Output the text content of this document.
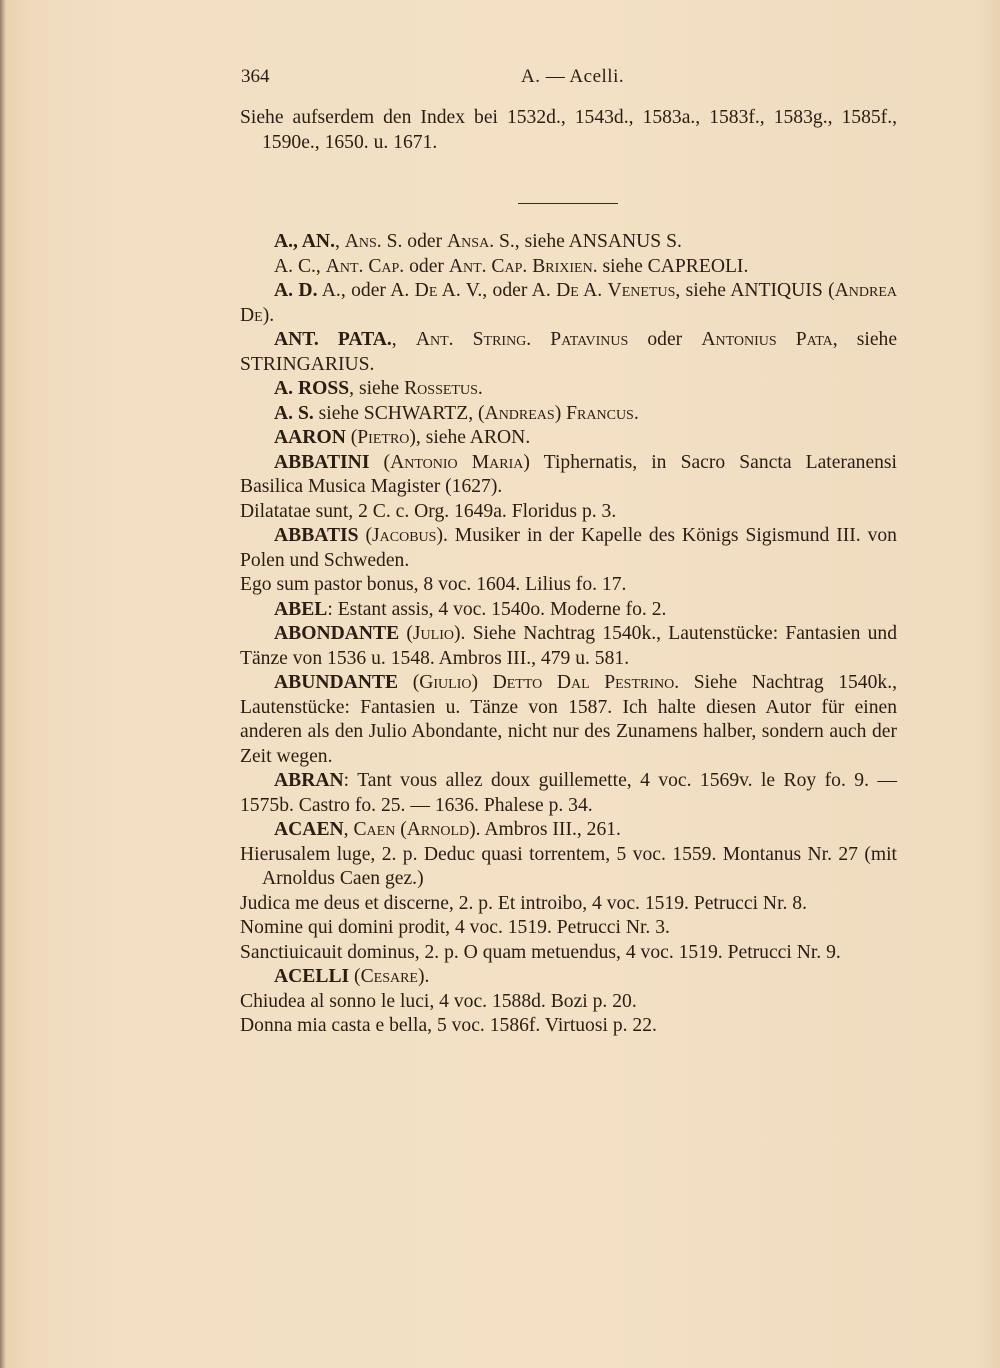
364	A. — Acelli.

Siehe aufserdem den Index bei 1532d., 1543d., 1583a., 1583f., 1583g., 1585f., 1590e., 1650. u. 1671.

A., AN., Ans. S. oder Ansa. S., siehe ANSANUS S.

A. C., Ant. Cap. oder Ant. Cap. Brixien. siehe CAPREOLI.

A. D. A., oder A. De A. V., oder A. De A. Venetus, siehe ANTIQUIS (Andrea De).

ANT. PATA., Ant. String. Patavinus oder Antonius Pata, siehe STRINGARIUS.

A. ROSS, siehe Rossetus.

A. S. siehe SCHWARTZ, (Andreas) Francus.

AARON (Pietro), siehe ARON.

ABBATINI (Antonio Maria) Tiphernatis, in Sacro Sancta Lateranensi Basilica Musica Magister (1627).

Dilatatae sunt, 2 C. c. Org. 1649a. Floridus p. 3.

ABBATIS (Jacobus). Musiker in der Kapelle des Königs Sigismund III. von Polen und Schweden.

Ego sum pastor bonus, 8 voc. 1604. Lilius fo. 17.

ABEL: Estant assis, 4 voc. 1540o. Moderne fo. 2.

ABONDANTE (Julio). Siehe Nachtrag 1540k., Lautenstücke: Fantasien und Tänze von 1536 u. 1548. Ambros III., 479 u. 581.

ABUNDANTE (Giulio) Detto Dal Pestrino. Siehe Nachtrag 1540k., Lautenstücke: Fantasien u. Tänze von 1587. Ich halte diesen Autor für einen anderen als den Julio Abondante, nicht nur des Zunamens halber, sondern auch der Zeit wegen.

ABRAN: Tant vous allez doux guillemette, 4 voc. 1569v. le Roy fo. 9. — 1575b. Castro fo. 25. — 1636. Phalese p. 34.

ACAEN, Caen (Arnold). Ambros III., 261.

Hierusalem luge, 2. p. Deduc quasi torrentem, 5 voc. 1559. Montanus Nr. 27 (mit Arnoldus Caen gez.)

Judica me deus et discerne, 2. p. Et introibo, 4 voc. 1519. Petrucci Nr. 8.

Nomine qui domini prodit, 4 voc. 1519. Petrucci Nr. 3.

Sanctiuicauit dominus, 2. p. O quam metuendus, 4 voc. 1519. Petrucci Nr. 9.

ACELLI (Cesare).

Chiudea al sonno le luci, 4 voc. 1588d. Bozi p. 20.

Donna mia casta e bella, 5 voc. 1586f. Virtuosi p. 22.
